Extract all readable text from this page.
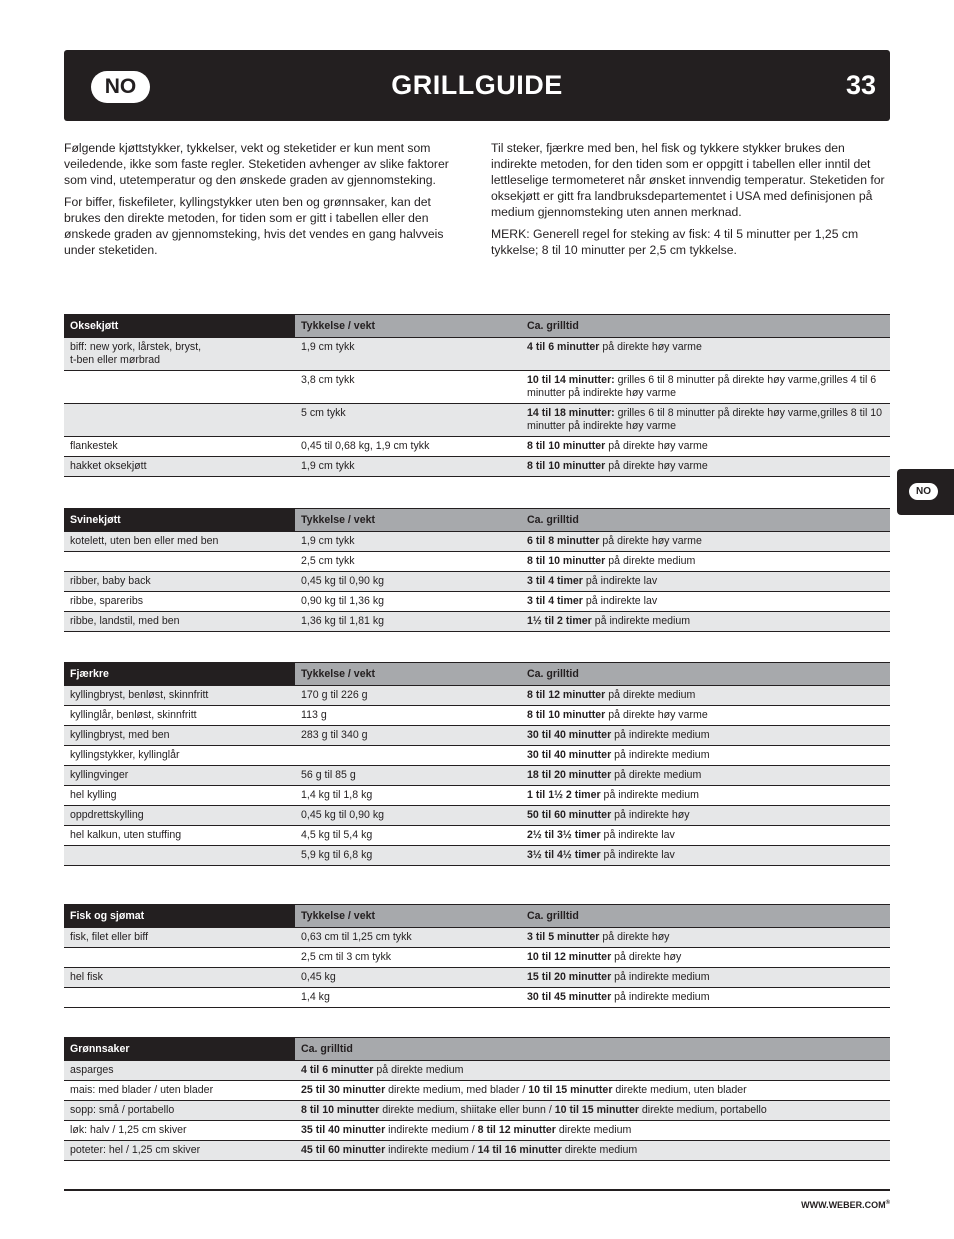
NO	GRILLGUIDE	33

Følgende kjøttstykker, tykkelser, vekt og steketider er kun ment som veiledende, ikke som faste regler. Steketiden avhenger av slike faktorer som vind, utetemperatur og den ønskede graden av gjennomsteking.

For biffer, fiskefileter, kyllingstykker uten ben og grønnsaker, kan det brukes den direkte metoden, for tiden som er gitt i tabellen eller den ønskede graden av gjennomsteking, hvis det vendes en gang halvveis under steketiden.

Til steker, fjærkre med ben, hel fisk og tykkere stykker brukes den indirekte metoden, for den tiden som er oppgitt i tabellen eller inntil det lettleselige termometeret når ønsket innvendig temperatur. Steketiden for oksekjøtt er gitt fra landbruksdepartementet i USA med definisjonen på medium gjennomsteking uten annen merknad.

MERK: Generell regel for steking av fisk: 4 til 5 minutter per 1,25 cm tykkelse; 8 til 10 minutter per 2,5 cm tykkelse.

NO
Oksekjøtt	Tykkelse / vekt	Ca. grilltid
biff: new york, lårstek, bryst,
t-ben eller mørbrad	1,9 cm tykk	4 til 6 minutter på direkte høy varme
	3,8 cm tykk	10 til 14 minutter: grilles 6 til 8 minutter på direkte høy varme,grilles 4 til 6 minutter på indirekte høy varme
	5 cm tykk	14 til 18 minutter: grilles 6 til 8 minutter på direkte høy varme,grilles 8 til 10 minutter på indirekte høy varme
flankestek	0,45 til 0,68 kg, 1,9 cm tykk	8 til 10 minutter på direkte høy varme
hakket oksekjøtt	1,9 cm tykk	8 til 10 minutter på direkte høy varme
Svinekjøtt	Tykkelse / vekt	Ca. grilltid
kotelett, uten ben eller med ben	1,9 cm tykk	6 til 8 minutter på direkte høy varme
	2,5 cm tykk	8 til 10 minutter på direkte medium
ribber, baby back	0,45 kg til 0,90 kg	3 til 4 timer på indirekte lav
ribbe, spareribs	0,90 kg til 1,36 kg	3 til 4 timer på indirekte lav
ribbe, landstil, med ben	1,36 kg til 1,81 kg	1½ til 2 timer på indirekte medium
Fjærkre	Tykkelse / vekt	Ca. grilltid
kyllingbryst, benløst, skinnfritt	170 g til 226 g	8 til 12 minutter på direkte medium
kyllinglår, benløst, skinnfritt	113 g	8 til 10 minutter på direkte høy varme
kyllingbryst, med ben	283 g til 340 g	30 til 40 minutter på indirekte medium
kyllingstykker, kyllinglår		30 til 40 minutter på indirekte medium
kyllingvinger	56 g til 85 g	18 til 20 minutter på direkte medium
hel kylling	1,4 kg til 1,8 kg	1 til 1½ 2 timer på indirekte medium
oppdrettskylling	0,45 kg til 0,90 kg	50 til 60 minutter på indirekte høy
hel kalkun, uten stuffing	4,5 kg til 5,4 kg	2½ til 3½ timer på indirekte lav
	5,9 kg til 6,8 kg	3½ til 4½ timer på indirekte lav
Fisk og sjømat	Tykkelse / vekt	Ca. grilltid
fisk, filet eller biff	0,63 cm til 1,25 cm tykk	3 til 5 minutter på direkte høy
	2,5 cm til 3 cm tykk	10 til 12 minutter på direkte høy
hel fisk	0,45 kg	15 til 20 minutter på indirekte medium
	1,4 kg	30 til 45 minutter på indirekte medium
Grønnsaker	Ca. grilltid
asparges	4 til 6 minutter på direkte medium
mais: med blader / uten blader	25 til 30 minutter direkte medium, med blader / 10 til 15 minutter direkte medium, uten blader
sopp: små / portabello	8 til 10 minutter direkte medium, shiitake eller bunn / 10 til 15 minutter direkte medium, portabello
løk: halv / 1,25 cm skiver	35 til 40 minutter indirekte medium / 8 til 12 minutter direkte medium
poteter: hel / 1,25 cm skiver	45 til 60 minutter indirekte medium / 14 til 16 minutter direkte medium
WWW.WEBER.COM®
